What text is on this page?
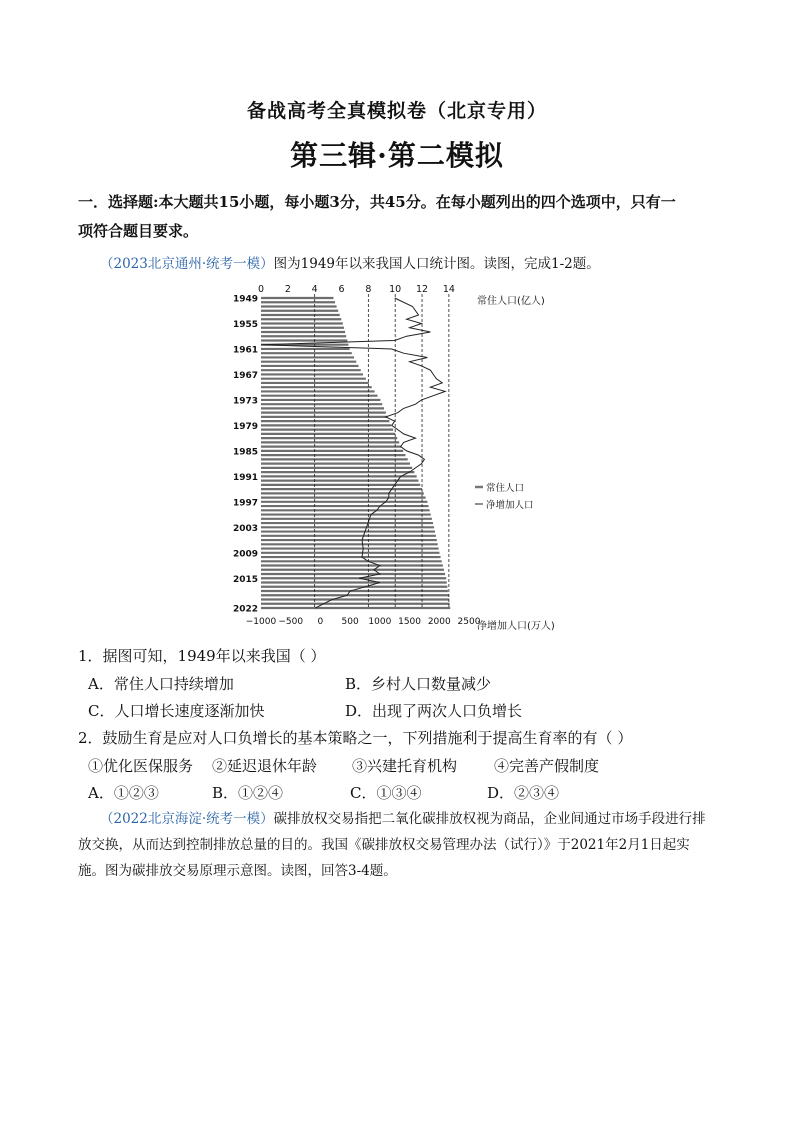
备战高考全真模拟卷（北京专用）
第三辑·第二模拟
一．选择题:本大题共15小题，每小题3分，共45分。在每小题列出的四个选项中，只有一
项符合题目要求。
（2023北京通州·统考一模）图为1949年以来我国人口统计图。读图，完成1-2题。
0 2 4 6 8 10 12 14
−1000 −500 0 500 1000 1500 2000 2500
1949
1955
1961
1967
1973
1979
1985
1991
1997
2003
2009
2015
2022
常住人口(亿人)
净增加人口(万人)
常住人口
净增加人口
1．据图可知，1949年以来我国（ ）
A．常住人口持续增加	B．乡村人口数量减少
C．人口增长速度逐渐加快	D．出现了两次人口负增长
2．鼓励生育是应对人口负增长的基本策略之一，下列措施利于提高生育率的有（ ）
①优化医保服务 ②延迟退休年龄 ③兴建托育机构 ④完善产假制度
A．①②③	B．①②④	C．①③④	D．②③④
（2022北京海淀·统考一模）碳排放权交易指把二氧化碳排放权视为商品，企业间通过市场手段进行排
放交换，从而达到控制排放总量的目的。我国《碳排放权交易管理办法（试行）》于2021年2月1日起实
施。图为碳排放交易原理示意图。读图，回答3-4题。
